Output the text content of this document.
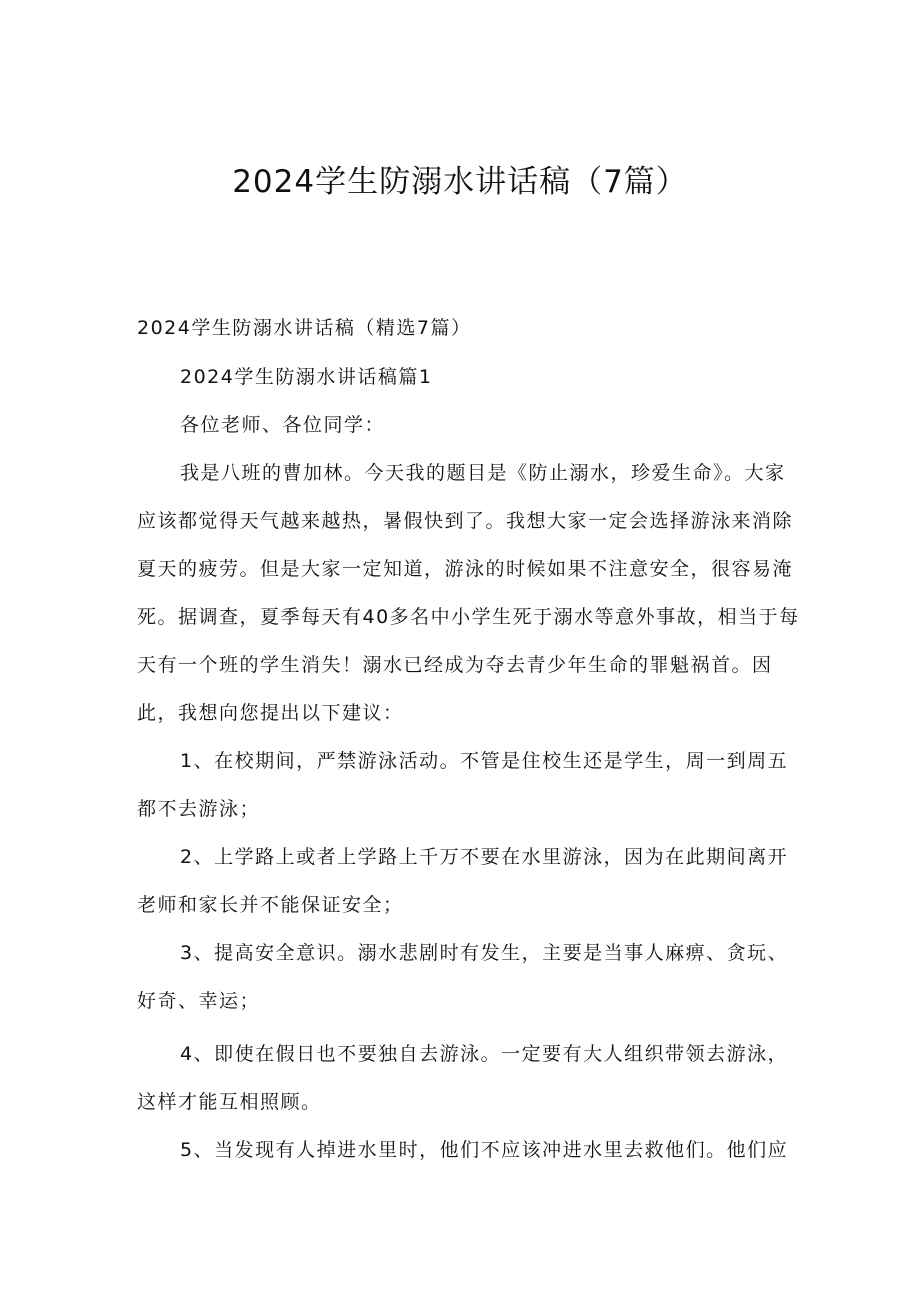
2024学生防溺水讲话稿（7篇）
2024学生防溺水讲话稿（精选7篇）
2024学生防溺水讲话稿篇1
各位老师、各位同学：
我是八班的曹加林。今天我的题目是《防止溺水，珍爱生命》。大家
应该都觉得天气越来越热，暑假快到了。我想大家一定会选择游泳来消除
夏天的疲劳。但是大家一定知道，游泳的时候如果不注意安全，很容易淹
死。据调查，夏季每天有40多名中小学生死于溺水等意外事故，相当于每
天有一个班的学生消失！溺水已经成为夺去青少年生命的罪魁祸首。因
此，我想向您提出以下建议：
1、在校期间，严禁游泳活动。不管是住校生还是学生，周一到周五
都不去游泳；
2、上学路上或者上学路上千万不要在水里游泳，因为在此期间离开
老师和家长并不能保证安全；
3、提高安全意识。溺水悲剧时有发生，主要是当事人麻痹、贪玩、
好奇、幸运；
4、即使在假日也不要独自去游泳。一定要有大人组织带领去游泳，
这样才能互相照顾。
5、当发现有人掉进水里时，他们不应该冲进水里去救他们。他们应
